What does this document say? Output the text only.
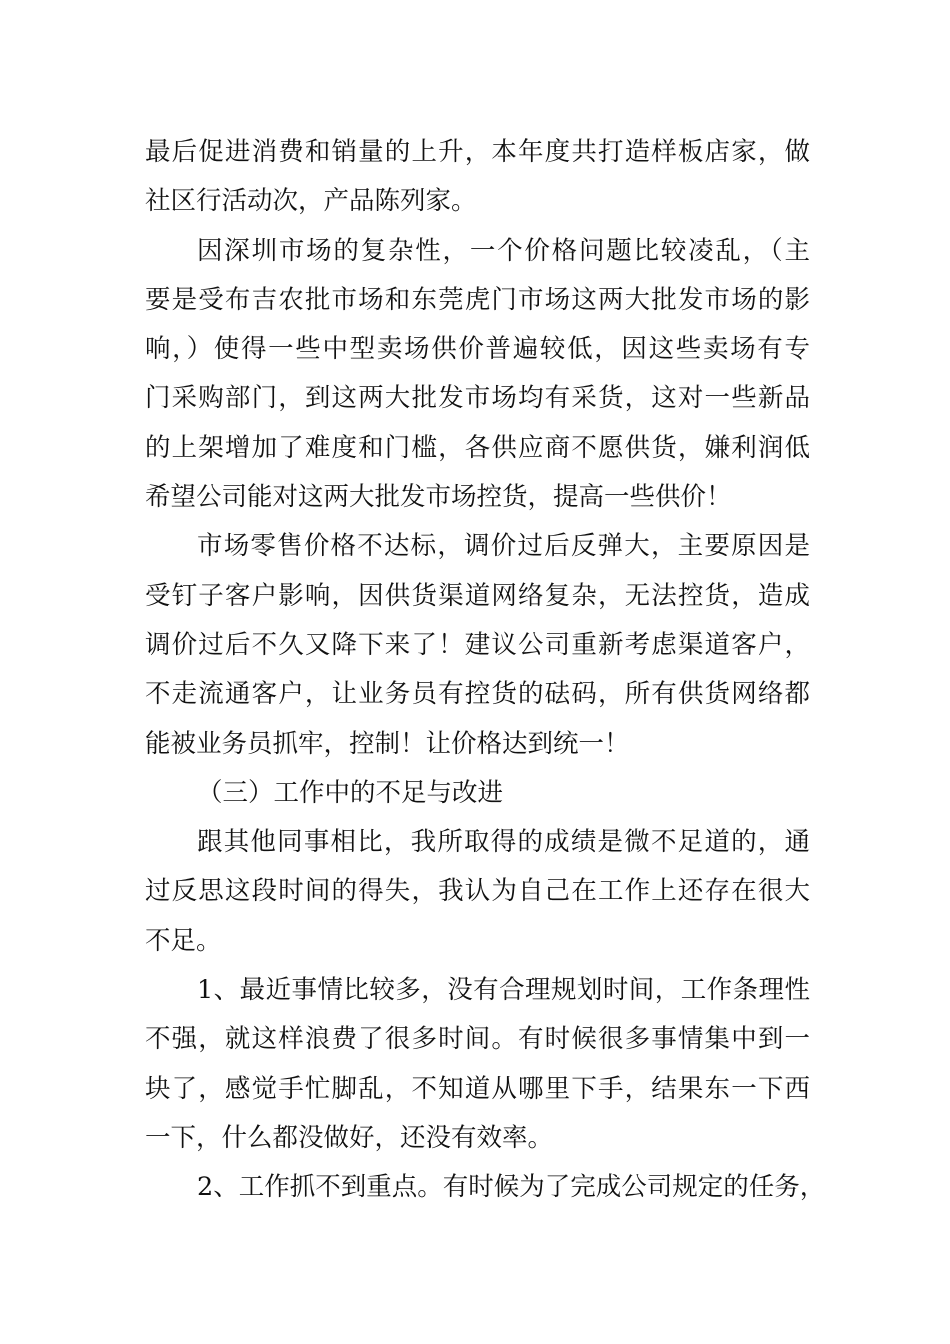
最后促进消费和销量的上升，本年度共打造样板店家，做
社区行活动次，产品陈列家。
因深圳市场的复杂性，一个价格问题比较凌乱，（主
要是受布吉农批市场和东莞虎门市场这两大批发市场的影
响，）使得一些中型卖场供价普遍较低，因这些卖场有专
门采购部门，到这两大批发市场均有采货，这对一些新品
的上架增加了难度和门槛，各供应商不愿供货，嫌利润低
希望公司能对这两大批发市场控货，提高一些供价！
市场零售价格不达标，调价过后反弹大，主要原因是
受钉子客户影响，因供货渠道网络复杂，无法控货，造成
调价过后不久又降下来了！建议公司重新考虑渠道客户，
不走流通客户，让业务员有控货的砝码，所有供货网络都
能被业务员抓牢，控制！让价格达到统一！
（三）工作中的不足与改进
跟其他同事相比，我所取得的成绩是微不足道的，通
过反思这段时间的得失，我认为自己在工作上还存在很大
不足。
1、最近事情比较多，没有合理规划时间，工作条理性
不强，就这样浪费了很多时间。有时候很多事情集中到一
块了，感觉手忙脚乱，不知道从哪里下手，结果东一下西
一下，什么都没做好，还没有效率。
2、工作抓不到重点。有时候为了完成公司规定的任务，
